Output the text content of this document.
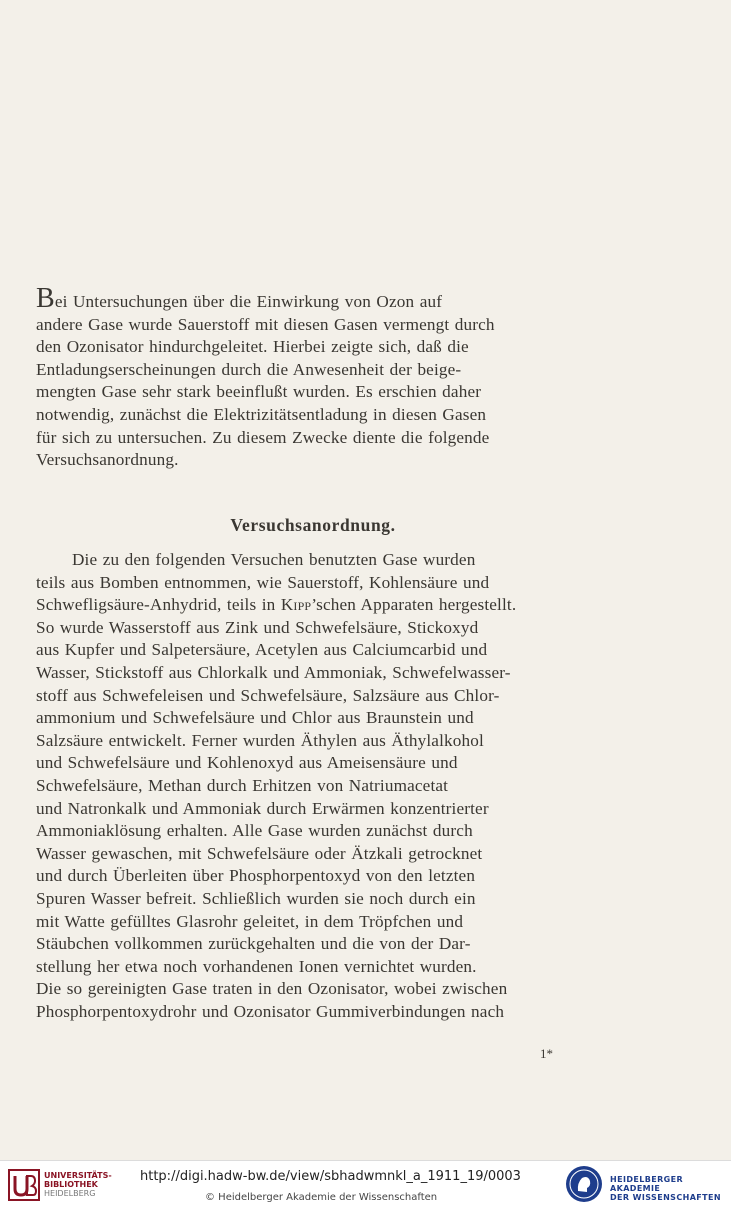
Bei Untersuchungen über die Einwirkung von Ozon auf
andere Gase wurde Sauerstoff mit diesen Gasen vermengt durch
den Ozonisator hindurchgeleitet. Hierbei zeigte sich, daß die
Entladungserscheinungen durch die Anwesenheit der beige-
mengten Gase sehr stark beeinflußt wurden. Es erschien daher
notwendig, zunächst die Elektrizitätsentladung in diesen Gasen
für sich zu untersuchen. Zu diesem Zwecke diente die folgende
Versuchsanordnung.
Versuchsanordnung.
Die zu den folgenden Versuchen benutzten Gase wurden
teils aus Bomben entnommen, wie Sauerstoff, Kohlensäure und
Schwefligsäure-Anhydrid, teils in Kipp’schen Apparaten hergestellt.
So wurde Wasserstoff aus Zink und Schwefelsäure, Stickoxyd
aus Kupfer und Salpetersäure, Acetylen aus Calciumcarbid und
Wasser, Stickstoff aus Chlorkalk und Ammoniak, Schwefelwasser-
stoff aus Schwefeleisen und Schwefelsäure, Salzsäure aus Chlor-
ammonium und Schwefelsäure und Chlor aus Braunstein und
Salzsäure entwickelt. Ferner wurden Äthylen aus Äthylalkohol
und Schwefelsäure und Kohlenoxyd aus Ameisensäure und
Schwefelsäure, Methan durch Erhitzen von Natriumacetat
und Natronkalk und Ammoniak durch Erwärmen konzentrierter
Ammoniaklösung erhalten. Alle Gase wurden zunächst durch
Wasser gewaschen, mit Schwefelsäure oder Ätzkali getrocknet
und durch Überleiten über Phosphorpentoxyd von den letzten
Spuren Wasser befreit. Schließlich wurden sie noch durch ein
mit Watte gefülltes Glasrohr geleitet, in dem Tröpfchen und
Stäubchen vollkommen zurückgehalten und die von der Dar-
stellung her etwa noch vorhandenen Ionen vernichtet wurden.
Die so gereinigten Gase traten in den Ozonisator, wobei zwischen
Phosphorpentoxydrohr und Ozonisator Gummiverbindungen nach
1*
UNIVERSITÄTS-
BIBLIOTHEK
HEIDELBERG
http://digi.hadw-bw.de/view/sbhadwmnkl_a_1911_19/0003
© Heidelberger Akademie der Wissenschaften
HEIDELBERGER AKADEMIE
DER WISSENSCHAFTEN
